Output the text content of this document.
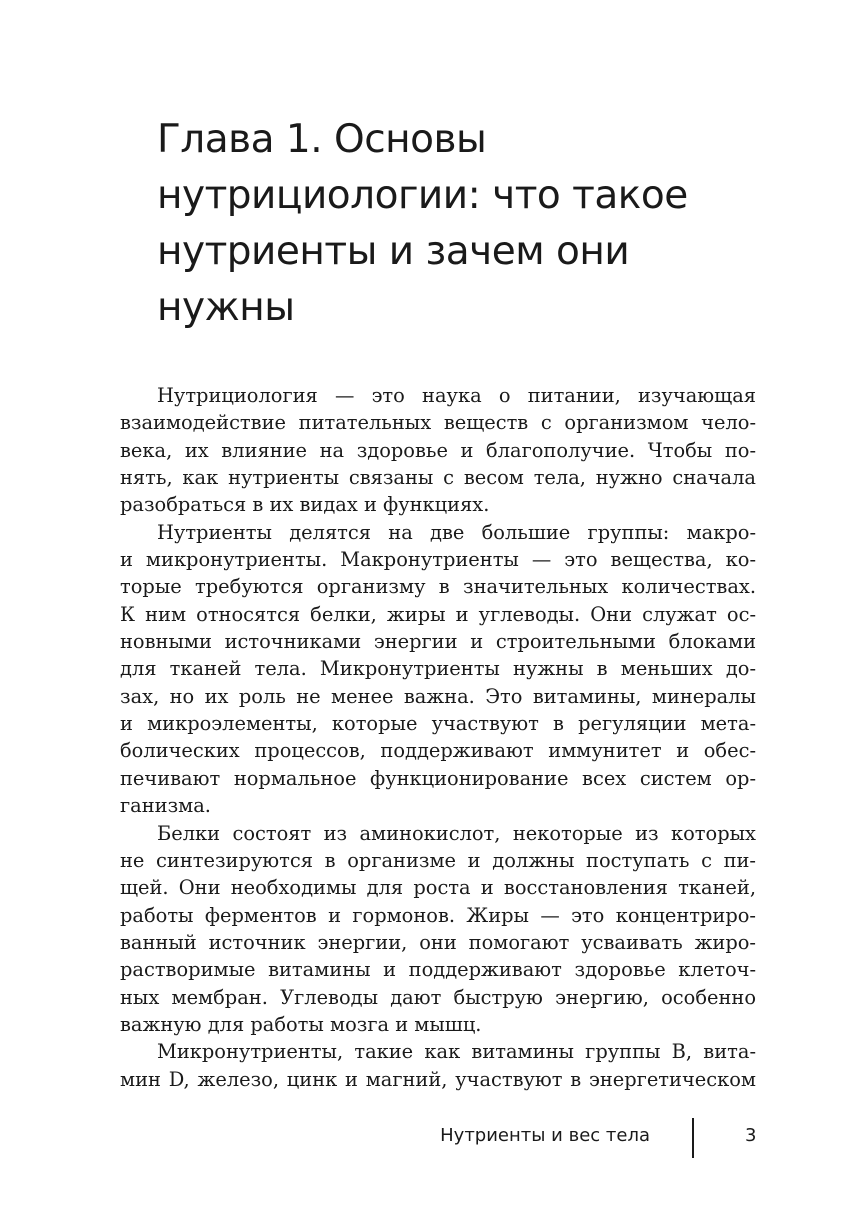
Глава 1. Основы
нутрициологии: что такое
нутриенты и зачем они
нужны

Нутрициология — это наука о питании, изучающая
взаимодействие питательных веществ с организмом чело-
века, их влияние на здоровье и благополучие. Чтобы по-
нять, как нутриенты связаны с весом тела, нужно сначала
разобраться в их видах и функциях.

Нутриенты делятся на две большие группы: макро-
и микронутриенты. Макронутриенты — это вещества, ко-
торые требуются организму в значительных количествах.
К ним относятся белки, жиры и углеводы. Они служат ос-
новными источниками энергии и строительными блоками
для тканей тела. Микронутриенты нужны в меньших до-
зах, но их роль не менее важна. Это витамины, минералы
и микроэлементы, которые участвуют в регуляции мета-
болических процессов, поддерживают иммунитет и обес-
печивают нормальное функционирование всех систем ор-
ганизма.

Белки состоят из аминокислот, некоторые из которых
не синтезируются в организме и должны поступать с пи-
щей. Они необходимы для роста и восстановления тканей,
работы ферментов и гормонов. Жиры — это концентриро-
ванный источник энергии, они помогают усваивать жиро-
растворимые витамины и поддерживают здоровье клеточ-
ных мембран. Углеводы дают быструю энергию, особенно
важную для работы мозга и мышц.

Микронутриенты, такие как витамины группы B, вита-
мин D, железо, цинк и магний, участвуют в энергетическом

Нутриенты и вес тела	3
